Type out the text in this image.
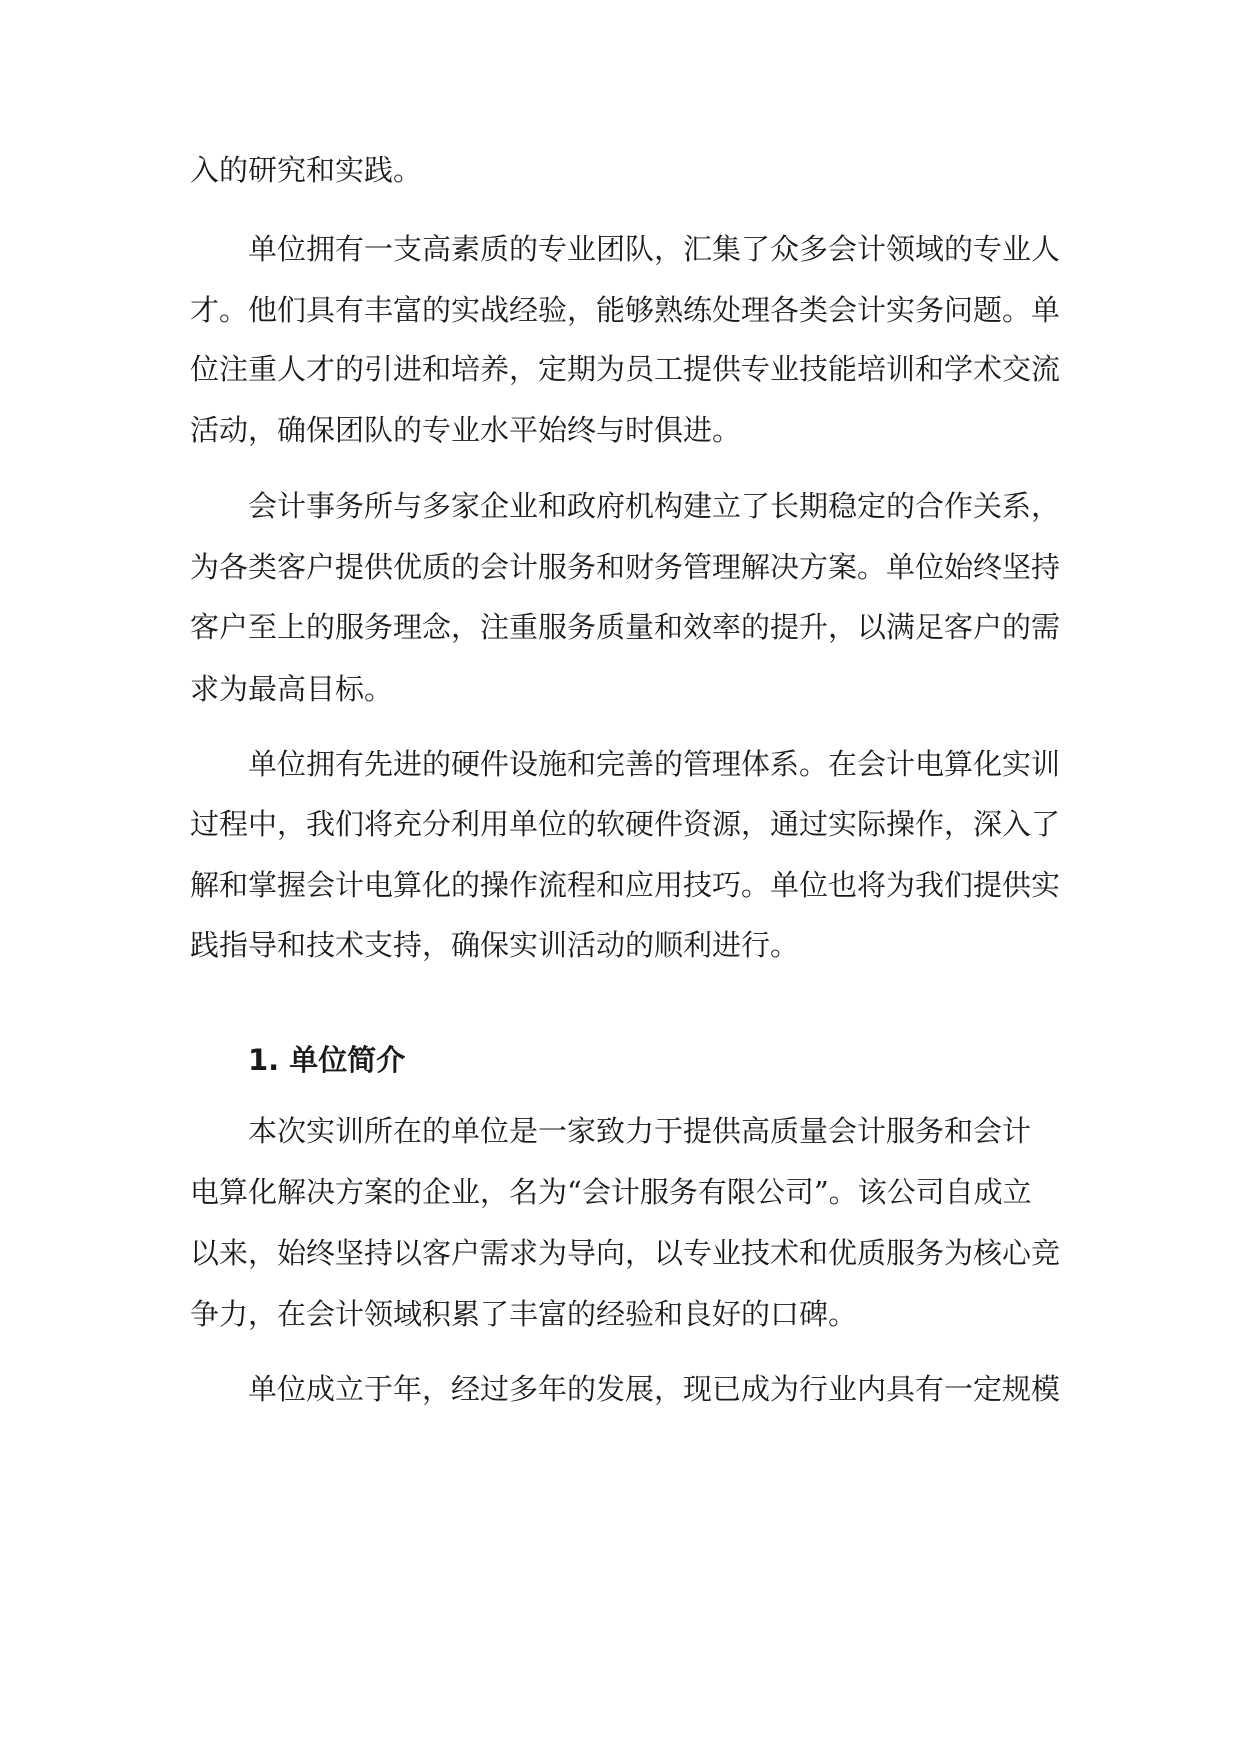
入的研究和实践。
单位拥有一支高素质的专业团队，汇集了众多会计领域的专业人
才。他们具有丰富的实战经验，能够熟练处理各类会计实务问题。单
位注重人才的引进和培养，定期为员工提供专业技能培训和学术交流
活动，确保团队的专业水平始终与时俱进。
会计事务所与多家企业和政府机构建立了长期稳定的合作关系，
为各类客户提供优质的会计服务和财务管理解决方案。单位始终坚持
客户至上的服务理念，注重服务质量和效率的提升，以满足客户的需
求为最高目标。
单位拥有先进的硬件设施和完善的管理体系。在会计电算化实训
过程中，我们将充分利用单位的软硬件资源，通过实际操作，深入了
解和掌握会计电算化的操作流程和应用技巧。单位也将为我们提供实
践指导和技术支持，确保实训活动的顺利进行。
1. 单位简介
本次实训所在的单位是一家致力于提供高质量会计服务和会计
电算化解决方案的企业，名为“会计服务有限公司”。该公司自成立
以来，始终坚持以客户需求为导向，以专业技术和优质服务为核心竞
争力，在会计领域积累了丰富的经验和良好的口碑。
单位成立于年，经过多年的发展，现已成为行业内具有一定规模
